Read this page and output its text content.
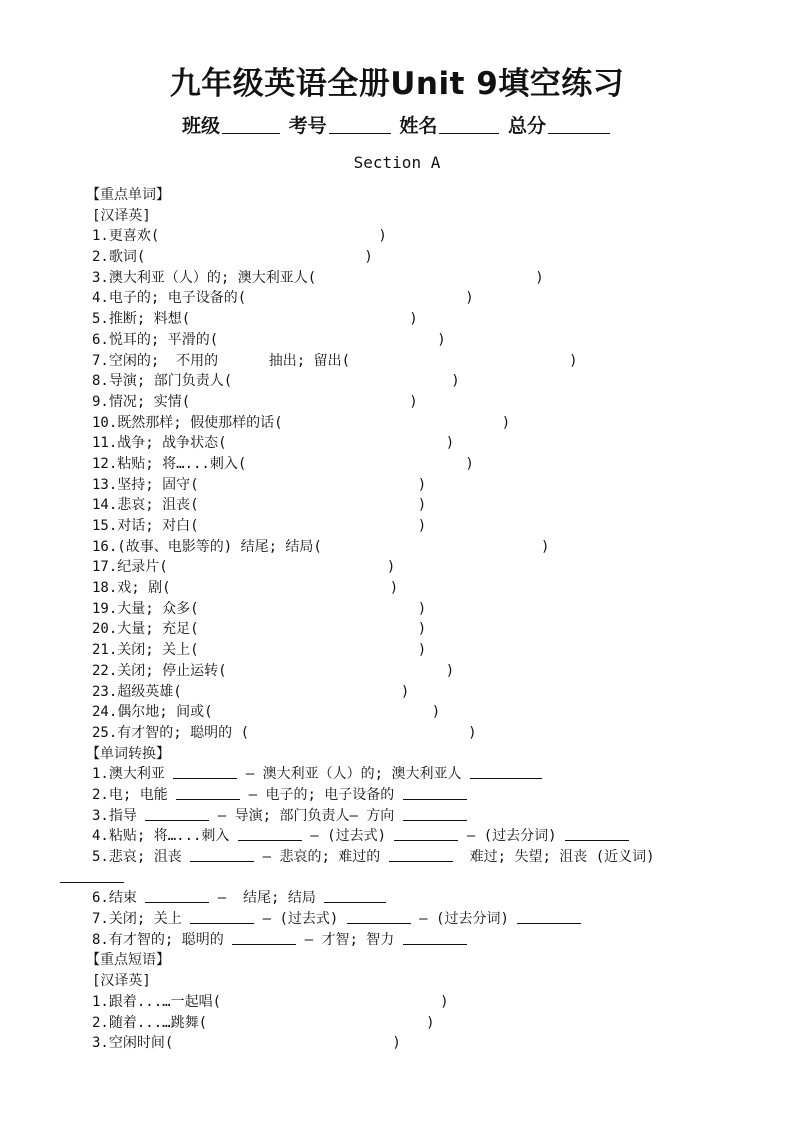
九年级英语全册Unit 9填空练习
班级	考号	姓名	总分
Section A
【重点单词】
[汉译英]
1.更喜欢(                          )
2.歌词(                          )
3.澳大利亚（人）的; 澳大利亚人(                          )
4.电子的; 电子设备的(                          )
5.推断; 料想(                          )
6.悦耳的; 平滑的(                          )
7.空闲的;  不用的      抽出; 留出(                          )
8.导演; 部门负责人(                          )
9.情况; 实情(                          )
10.既然那样; 假使那样的话(                          )
11.战争; 战争状态(                          )
12.粘贴; 将…...刺入(                          )
13.坚持; 固守(                          )
14.悲哀; 沮丧(                          )
15.对话; 对白(                          )
16.(故事、电影等的) 结尾; 结局(                          )
17.纪录片(                          )
18.戏; 剧(                          )
19.大量; 众多(                          )
20.大量; 充足(                          )
21.关闭; 关上(                          )
22.关闭; 停止运转(                          )
23.超级英雄(                          )
24.偶尔地; 间或(                          )
25.有才智的; 聪明的 (                          )
【单词转换】
1.澳大利亚	— 澳大利亚（人）的; 澳大利亚人
2.电; 电能	— 电子的; 电子设备的
3.指导	— 导演; 部门负责人— 方向
4.粘贴; 将…...刺入	— (过去式)	— (过去分词)
5.悲哀; 沮丧	— 悲哀的; 难过的	难过; 失望; 沮丧 (近义词)
6.结束	—  结尾; 结局
7.关闭; 关上	— (过去式)	— (过去分词)
8.有才智的; 聪明的	— 才智; 智力
【重点短语】
[汉译英]
1.跟着...…一起唱(                          )
2.随着...…跳舞(                          )
3.空闲时间(                          )
